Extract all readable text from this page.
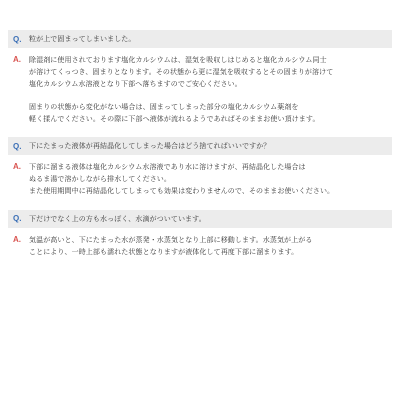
Q.	粒が上で固まってしまいました。
A.	除湿剤に使用されております塩化カルシウムは、湿気を吸収しはじめると塩化カルシウム同士
が溶けてくっつき、固まりとなります。その状態から更に湿気を吸収するとその固まりが溶けて
塩化カルシウム水溶液となり下部へ落ちますのでご安心ください。
固まりの状態から変化がない場合は、固まってしまった部分の塩化カルシウム薬剤を
軽く揉んでください。その際に下部へ液体が流れるようであればそのままお使い頂けます。
Q.	下にたまった液体が再結晶化してしまった場合はどう捨てればいいですか？
A.	下部に溜まる液体は塩化カルシウム水溶液であり水に溶けますが、再結晶化した場合は
ぬるま湯で溶かしながら排水してください。
また使用期間中に再結晶化してしまっても効果は変わりませんので、そのままお使いください。
Q.	下だけでなく上の方も水っぽく、水滴がついています。
A.	気温が高いと、下にたまった水が蒸発・水蒸気となり上部に移動します。水蒸気が上がる
ことにより、一時上部も濡れた状態となりますが液体化して再度下部に溜まります。
